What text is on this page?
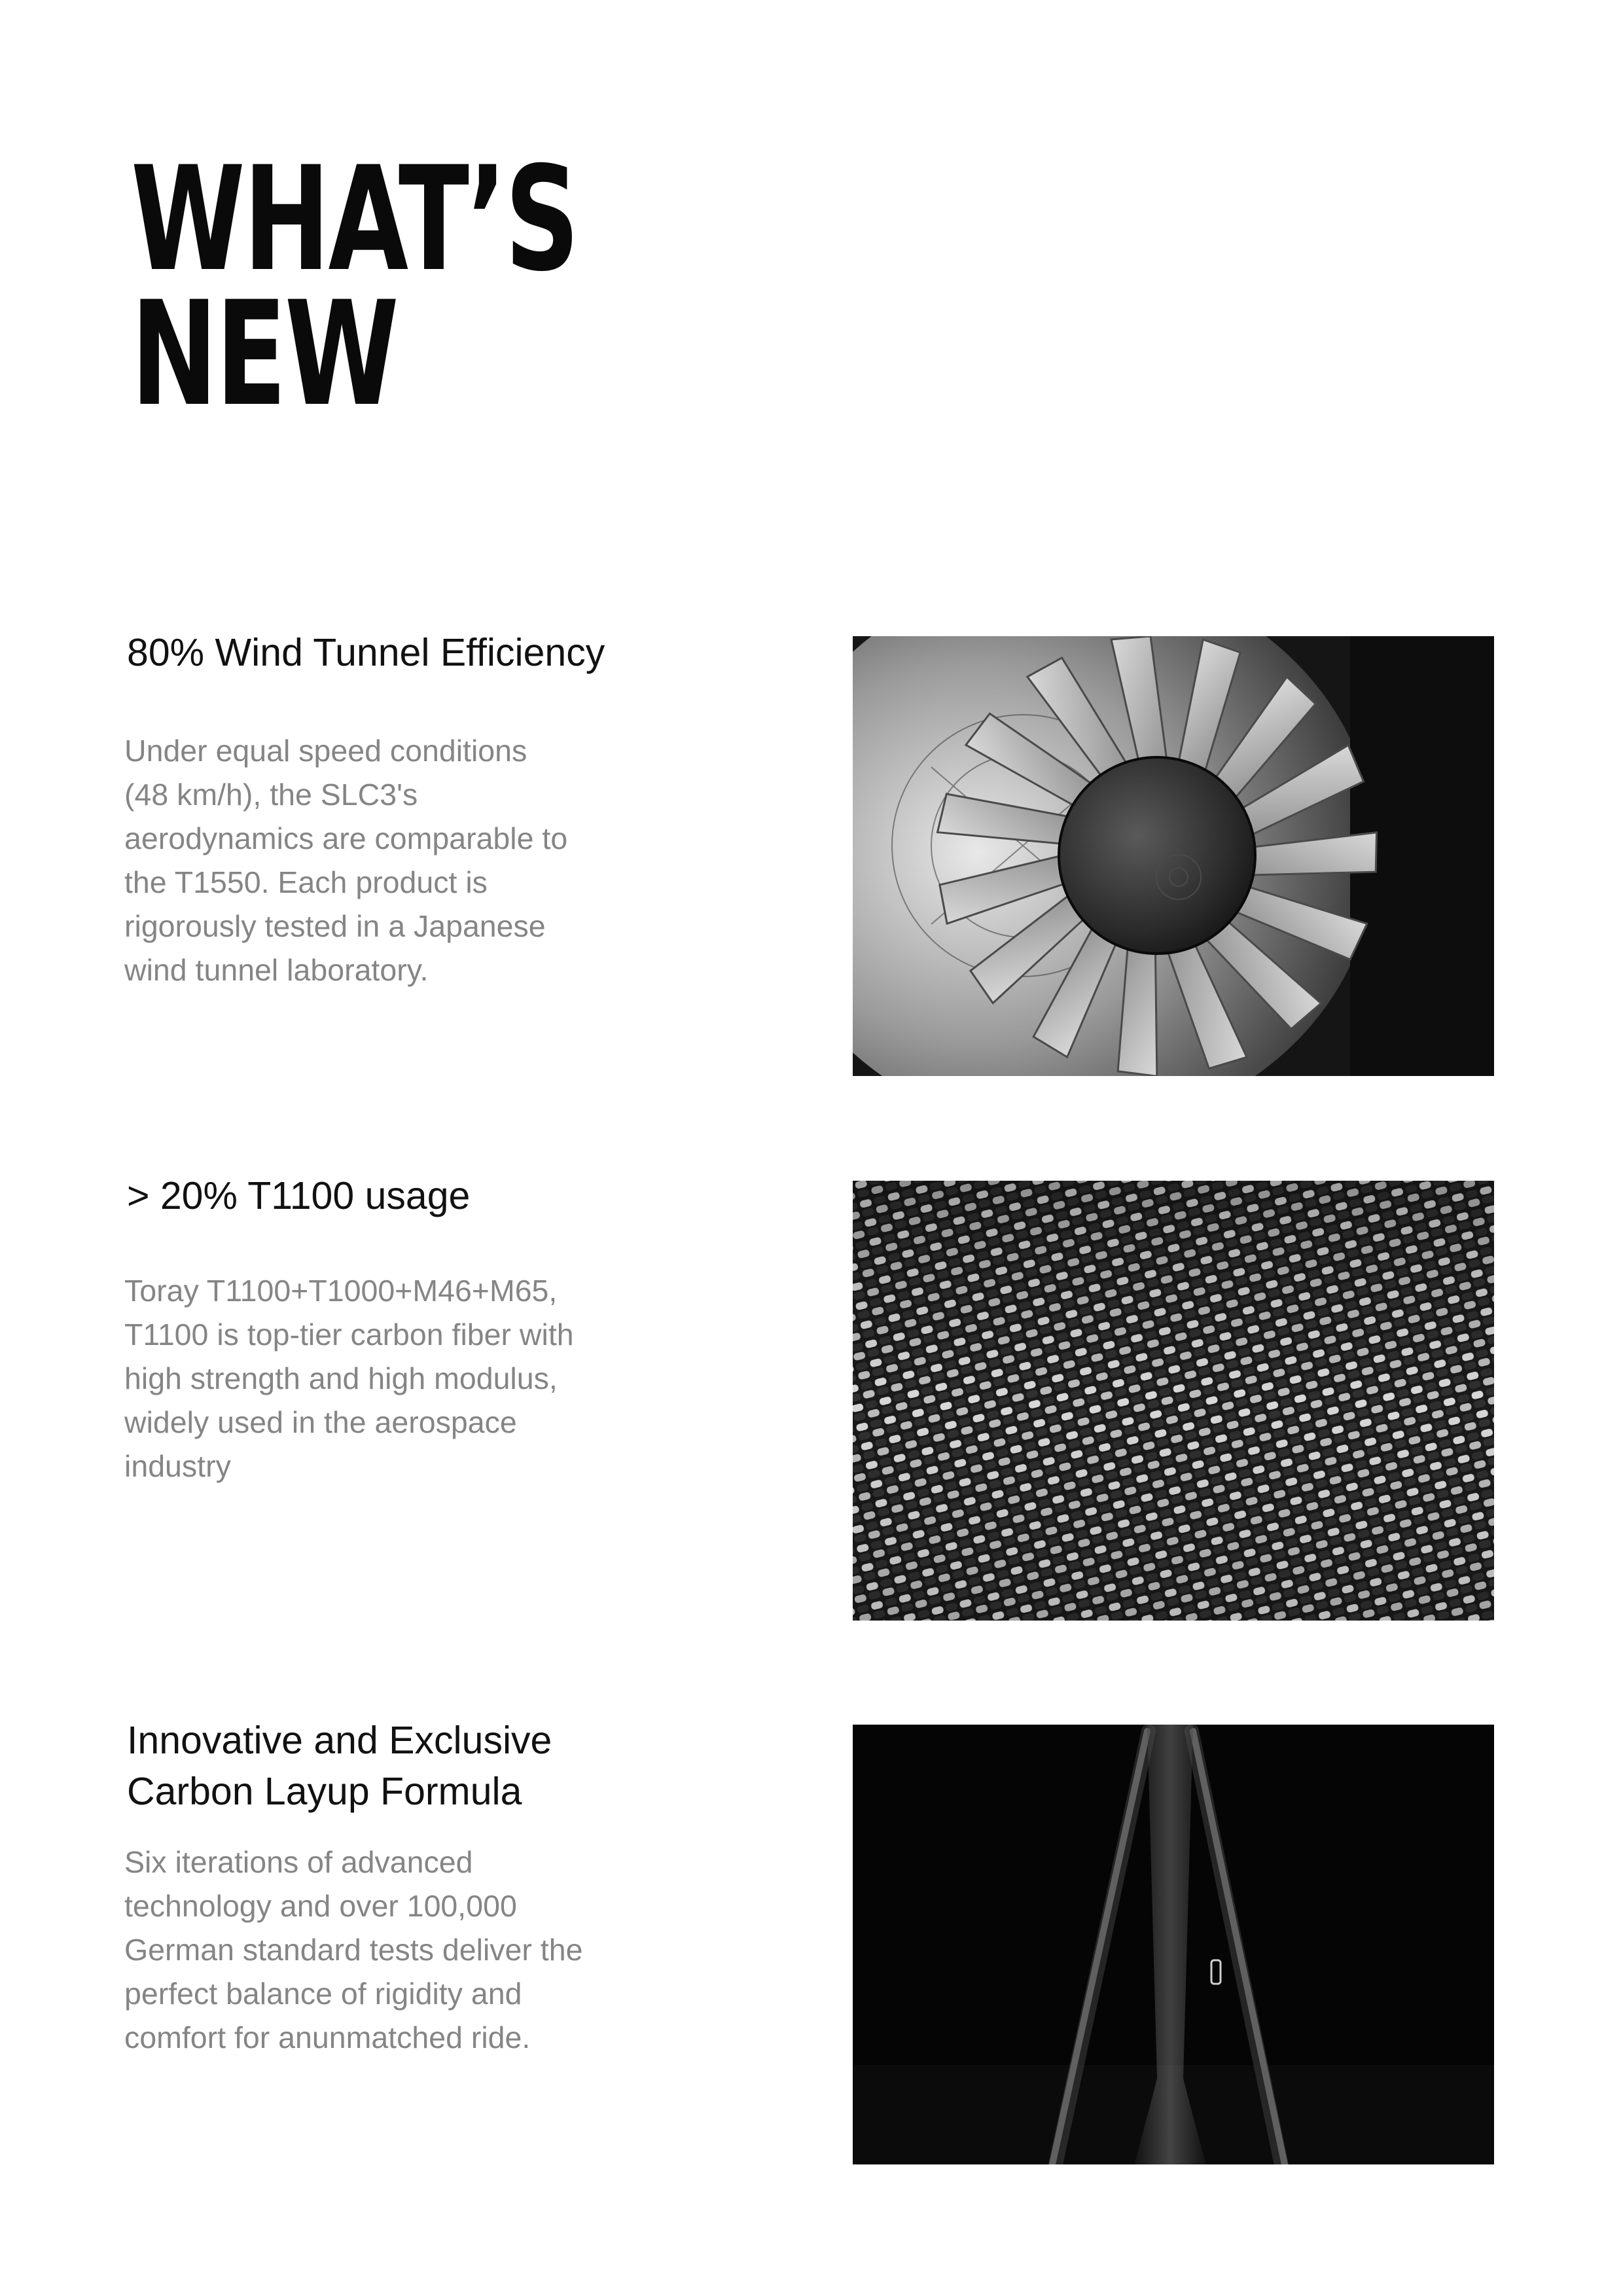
WHAT’S
NEW
80% Wind Tunnel Efficiency

Under equal speed conditions
(48 km/h), the SLC3's
aerodynamics are comparable to
the T1550. Each product is
rigorously tested in a Japanese
wind tunnel laboratory.

> 20% T1100 usage

Toray T1100+T1000+M46+M65,
T1100 is top-tier carbon fiber with
high strength and high modulus,
widely used in the aerospace
industry

Innovative and Exclusive
Carbon Layup Formula

Six iterations of advanced
technology and over 100,000
German standard tests deliver the
perfect balance of rigidity and
comfort for anunmatched ride.
